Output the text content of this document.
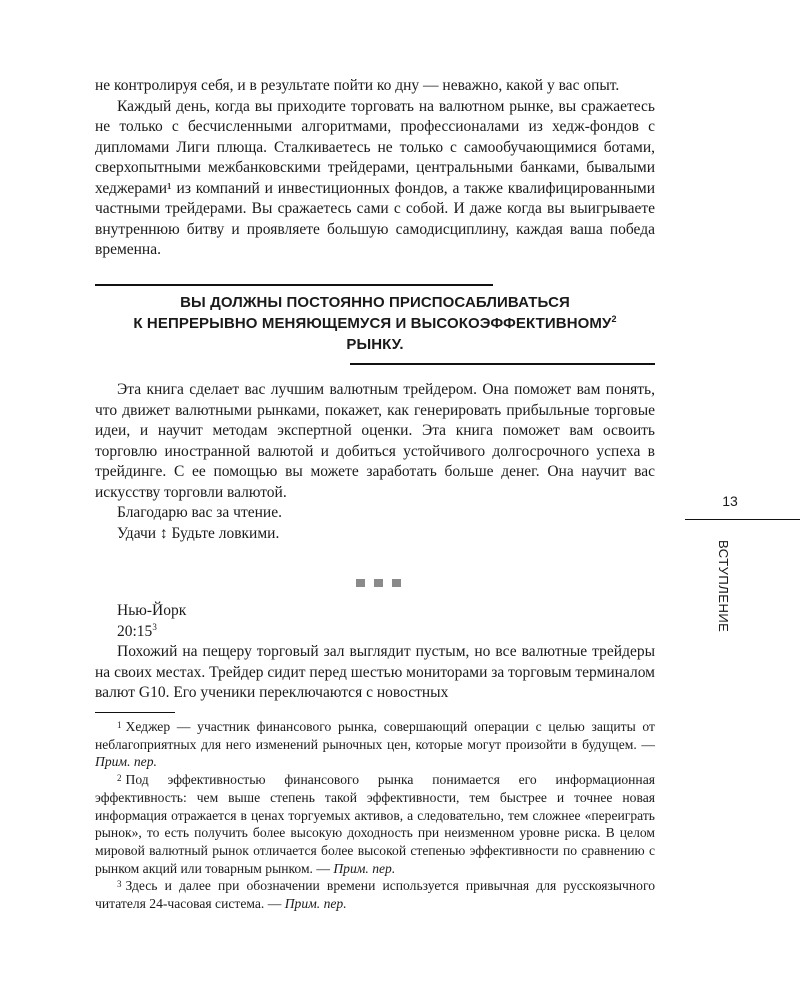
не контролируя себя, и в результате пойти ко дну — неважно, какой у вас опыт.

Каждый день, когда вы приходите торговать на валютном рынке, вы сражаетесь не только с бесчисленными алгоритмами, профессионалами из хедж-фондов с дипломами Лиги плюща. Сталкиваетесь не только с самообучающимися ботами, сверхопытными межбанковскими трейдерами, центральными банками, бывалыми хеджерами¹ из компаний и инвестиционных фондов, а также квалифицированными частными трейдерами. Вы сражаетесь сами с собой. И даже когда вы выигрываете внутреннюю битву и проявляете большую самодисциплину, каждая ваша победа временна.

ВЫ ДОЛЖНЫ ПОСТОЯННО ПРИСПОСАБЛИВАТЬСЯ
К НЕПРЕРЫВНО МЕНЯЮЩЕМУСЯ И ВЫСОКОЭФФЕКТИВНОМУ$^2$
РЫНКУ.

Эта книга сделает вас лучшим валютным трейдером. Она поможет вам понять, что движет валютными рынками, покажет, как генерировать прибыльные торговые идеи, и научит методам экспертной оценки. Эта книга поможет вам освоить торговлю иностранной валютой и добиться устойчивого долгосрочного успеха в трейдинге. С ее помощью вы можете заработать больше денег. Она научит вас искусству торговли валютой.

Благодарю вас за чтение.

Удачи ↕ Будьте ловкими.

Нью-Йорк

$20:15^3$

Похожий на пещеру торговый зал выглядит пустым, но все валютные трейдеры на своих местах. Трейдер сидит перед шестью мониторами за торговым терминалом валют G10. Его ученики переключаются с новостных

$^1$ Хеджер — участник финансового рынка, совершающий операции с целью защиты от неблагоприятных для него изменений рыночных цен, которые могут произойти в будущем. — Прим. пер.

$^2$ Под эффективностью финансового рынка понимается его информационная эффективность: чем выше степень такой эффективности, тем быстрее и точнее новая информация отражается в ценах торгуемых активов, а следовательно, тем сложнее «переиграть рынок», то есть получить более высокую доходность при неизменном уровне риска. В целом мировой валютный рынок отличается более высокой степенью эффективности по сравнению с рынком акций или товарным рынком. — Прим. пер.

$^3$ Здесь и далее при обозначении времени используется привычная для русскоязычного читателя 24-часовая система. — Прим. пер.

13
ВСТУПЛЕНИЕ
